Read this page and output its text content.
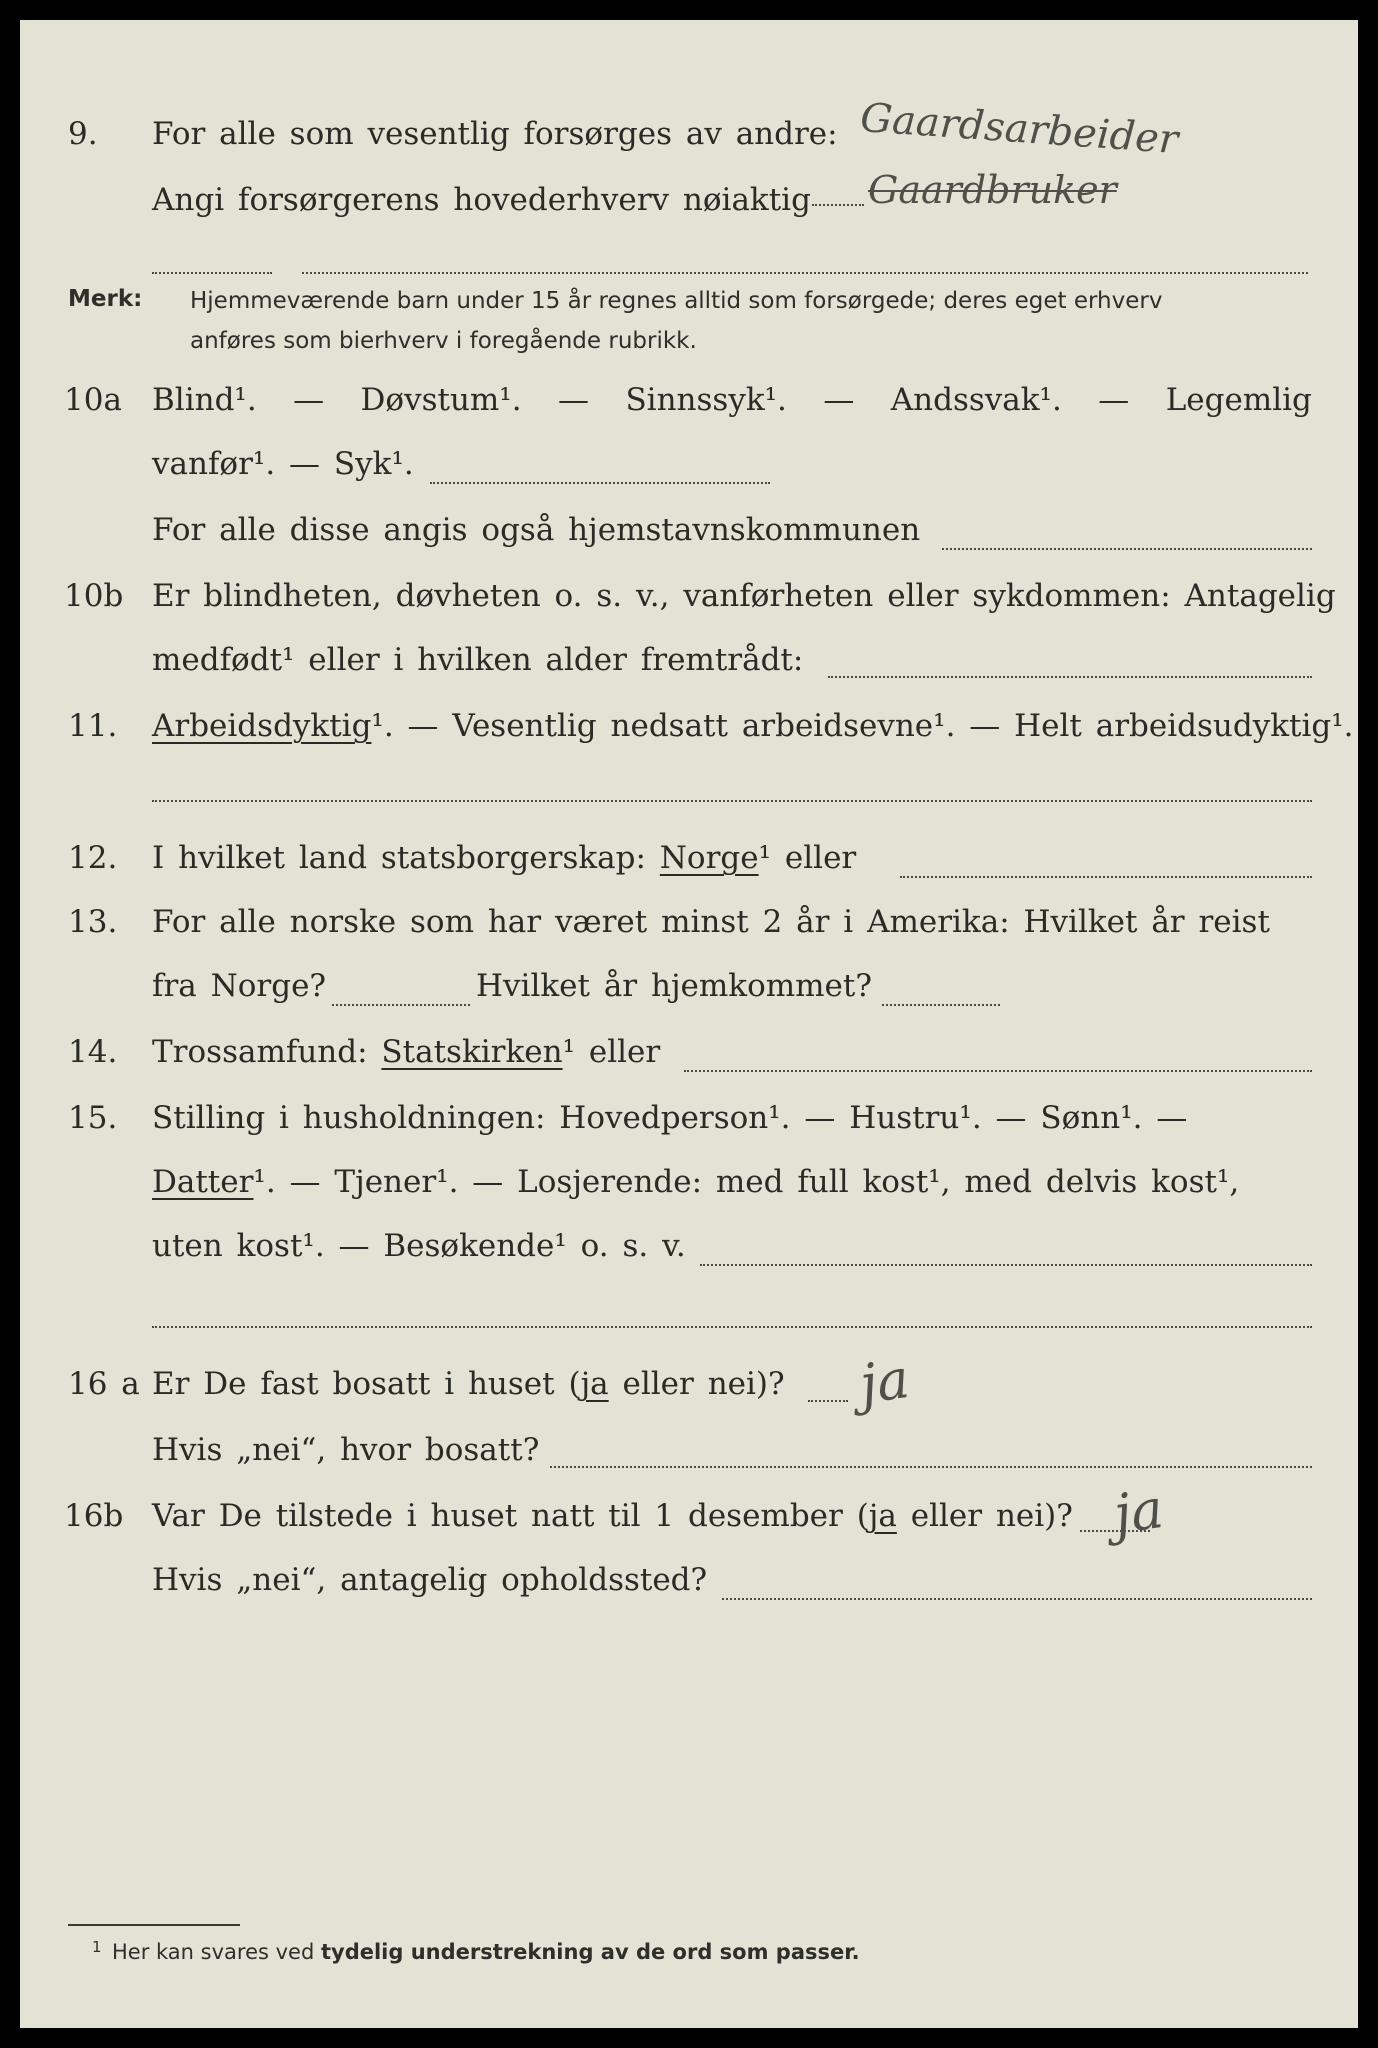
9. For alle som vesentlig forsørges av andre: Gaardsarbeider
Angi forsørgerens hovederhverv nøiaktig Gaardbruker
Merk: Hjemmeværende barn under 15 år regnes alltid som forsørgede; deres eget erhverv
anføres som bierhverv i foregående rubrikk.
10a Blind¹. — Døvstum¹. — Sinnssyk¹. — Andssvak¹. — Legemlig
vanfør¹. — Syk¹.
For alle disse angis også hjemstavnskommunen
10b Er blindheten, døvheten o. s. v., vanførheten eller sykdommen: Antagelig
medfødt¹ eller i hvilken alder fremtrådt:
11. Arbeidsdyktig¹. — Vesentlig nedsatt arbeidsevne¹. — Helt arbeidsudyktig¹.
12. I hvilket land statsborgerskap: Norge¹ eller
13. For alle norske som har været minst 2 år i Amerika: Hvilket år reist
fra Norge?	Hvilket år hjemkommet?
14. Trossamfund: Statskirken¹ eller
15. Stilling i husholdningen: Hovedperson¹. — Hustru¹. — Sønn¹. —
Datter¹. — Tjener¹. — Losjerende: med full kost¹, med delvis kost¹,
uten kost¹. — Besøkende¹ o. s. v.
16 a Er De fast bosatt i huset (ja eller nei)? ja
Hvis „nei“, hvor bosatt?
16b Var De tilstede i huset natt til 1 desember (ja eller nei)? ja
Hvis „nei“, antagelig opholdssted?
1 Her kan svares ved tydelig understrekning av de ord som passer.
